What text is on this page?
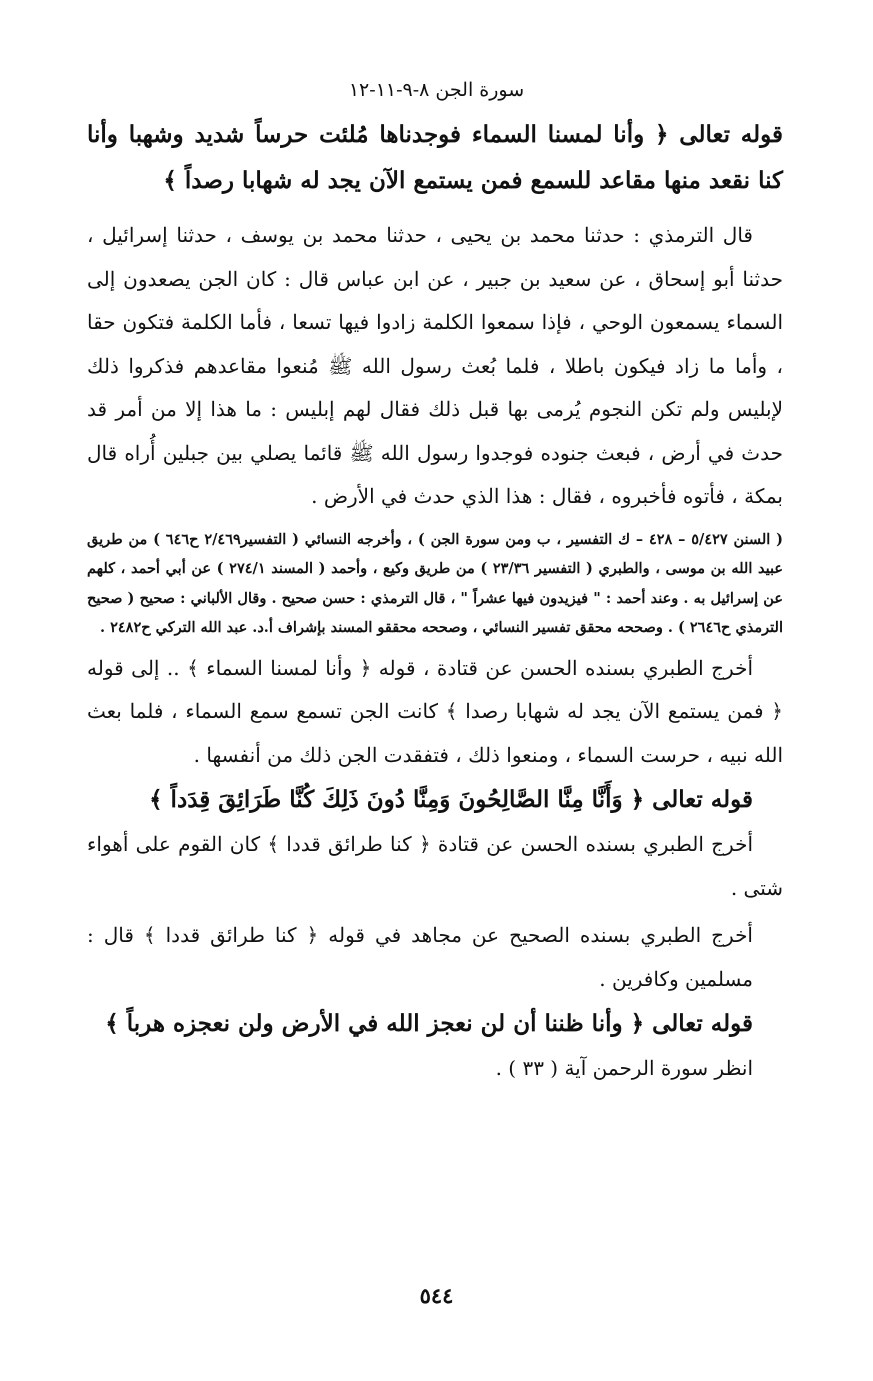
سورة الجن ٨-٩-١١-١٢

قوله تعالى ﴿ وأنا لمسنا السماء فوجدناها مُلئت حرساً شديد وشهبا وأنا كنا نقعد منها مقاعد للسمع فمن يستمع الآن يجد له شهابا رصداً ﴾

قال الترمذي : حدثنا محمد بن يحيى ، حدثنا محمد بن يوسف ، حدثنا إسرائيل ، حدثنا أبو إسحاق ، عن سعيد بن جبير ، عن ابن عباس قال : كان الجن يصعدون إلى السماء يسمعون الوحي ، فإذا سمعوا الكلمة زادوا فيها تسعا ، فأما الكلمة فتكون حقا ، وأما ما زاد فيكون باطلا ، فلما بُعث رسول الله ﷺ مُنعوا مقاعدهم فذكروا ذلك لإبليس ولم تكن النجوم يُرمى بها قبل ذلك فقال لهم إبليس : ما هذا إلا من أمر قد حدث في أرض ، فبعث جنوده فوجدوا رسول الله ﷺ قائما يصلي بين جبلين أُراه قال بمكة ، فأتوه فأخبروه ، فقال : هذا الذي حدث في الأرض .

( السنن ٥/٤٢٧ – ٤٢٨ – ك التفسير ، ب ومن سورة الجن ) ، وأخرجه النسائي ( التفسير٢/٤٦٩ ح٦٤٦ ) من طريق عبيد الله بن موسى ، والطبري ( التفسير ٢٣/٣٦ ) من طريق وكيع ، وأحمد ( المسند ٢٧٤/١ ) عن أبي أحمد ، كلهم عن إسرائيل به . وعند أحمد : " فيزيدون فيها عشراً " ، قال الترمذي : حسن صحيح . وقال الألباني : صحيح ( صحيح الترمذي ح٢٦٤٦ ) . وصححه محقق تفسير النسائي ، وصححه محققو المسند بإشراف أ.د. عبد الله التركي ح٢٤٨٢ .

أخرج الطبري بسنده الحسن عن قتادة ، قوله ﴿ وأنا لمسنا السماء ﴾ .. إلى قوله ﴿ فمن يستمع الآن يجد له شهابا رصدا ﴾ كانت الجن تسمع سمع السماء ، فلما بعث الله نبيه ، حرست السماء ، ومنعوا ذلك ، فتفقدت الجن ذلك من أنفسها .

قوله تعالى ﴿ وَأَنَّا مِنَّا الصَّالِحُونَ وَمِنَّا دُونَ ذَلِكَ كُنَّا طَرَائِقَ قِدَداً ﴾

أخرج الطبري بسنده الحسن عن قتادة ﴿ كنا طرائق قددا ﴾ كان القوم على أهواء شتى .

أخرج الطبري بسنده الصحيح عن مجاهد في قوله ﴿ كنا طرائق قددا ﴾ قال : مسلمين وكافرين .

قوله تعالى ﴿ وأنا ظننا أن لن نعجز الله في الأرض ولن نعجزه هرباً ﴾

انظر سورة الرحمن آية ( ٣٣ ) .

٥٤٤
